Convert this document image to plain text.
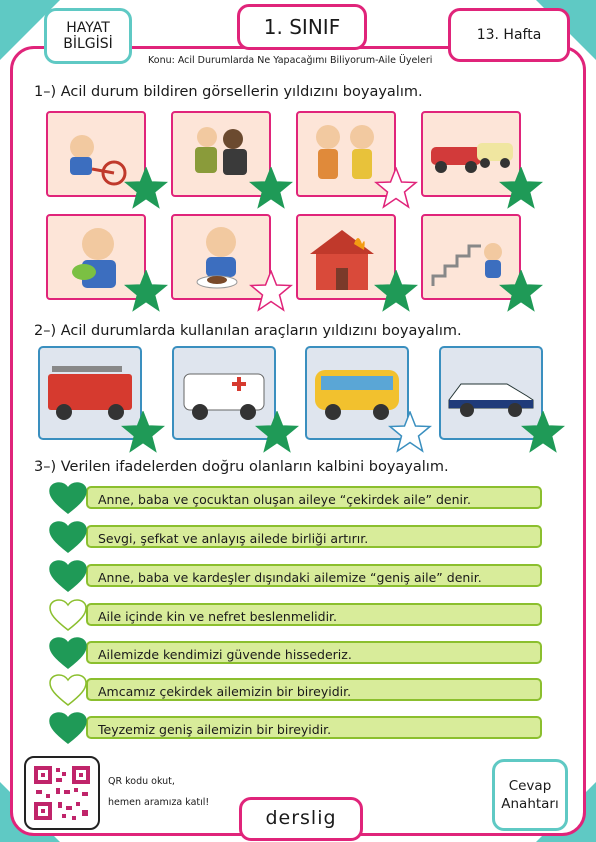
HAYAT
BİLGİSİ
1. SINIF	13. Hafta
Konu: Acil Durumlarda Ne Yapacağımı Biliyorum-Aile Üyeleri
1–) Acil durum bildiren görsellerin yıldızını boyayalım.
2–) Acil durumlarda kullanılan araçların yıldızını boyayalım.
3–) Verilen ifadelerden doğru olanların kalbini boyayalım.
Anne, baba ve çocuktan oluşan aileye “çekirdek aile” denir.
Sevgi, şefkat ve anlayış ailede birliği artırır.
Anne, baba ve kardeşler dışındaki ailemize “geniş aile” denir.
Aile içinde kin ve nefret beslenmelidir.
Ailemizde kendimizi güvende hissederiz.
Amcamız çekirdek ailemizin bir bireyidir.
Teyzemiz geniş ailemizin bir bireyidir.
QR kodu okut,
hemen aramıza katıl!
derslig
Cevap
Anahtarı
